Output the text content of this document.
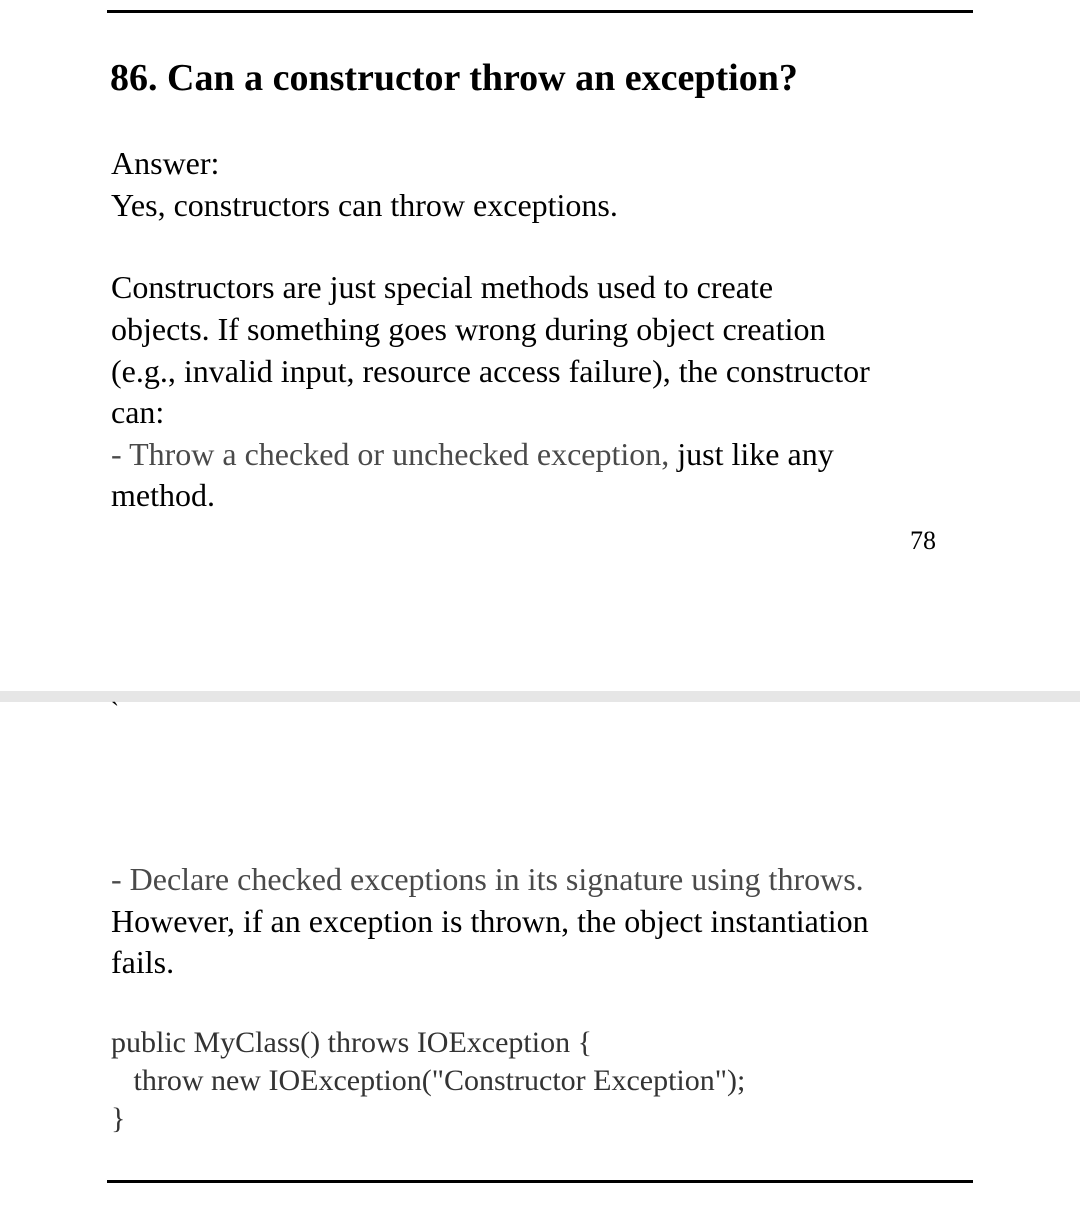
86. Can a constructor throw an exception?

Answer:

Yes, constructors can throw exceptions.

Constructors are just special methods used to create

objects. If something goes wrong during object creation

(e.g., invalid input, resource access failure), the constructor

can:

- Throw a checked or unchecked exception, just like any

method.

78

`

- Declare checked exceptions in its signature using throws.

However, if an exception is thrown, the object instantiation

fails.

public MyClass() throws IOException {

throw new IOException("Constructor Exception");

}
